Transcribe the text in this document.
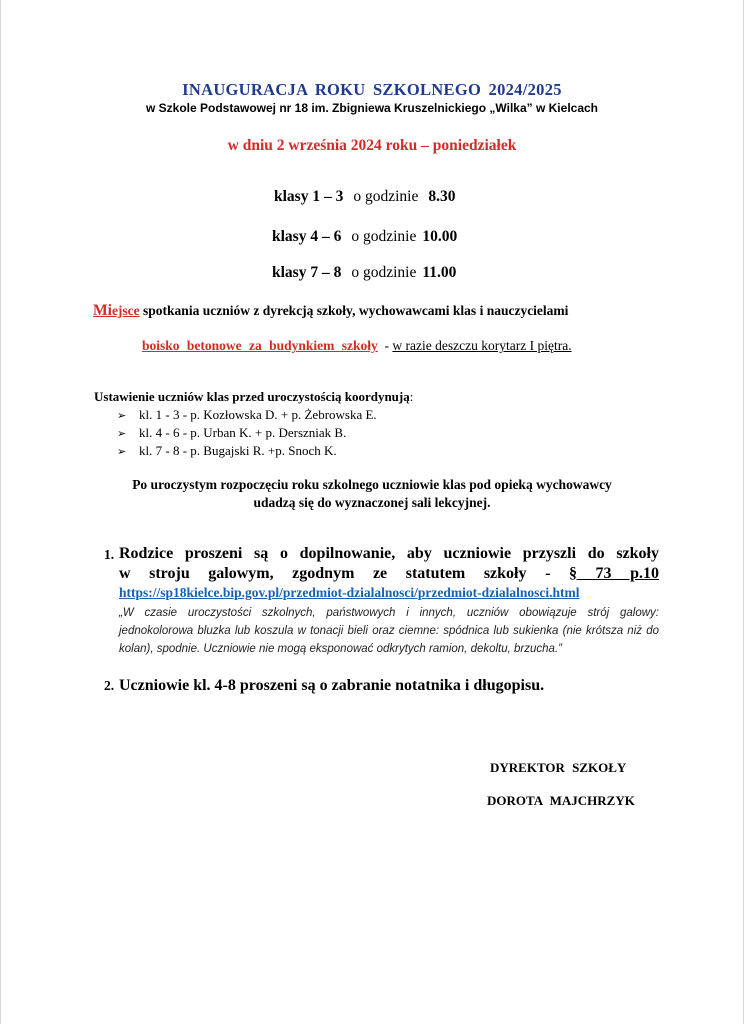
INAUGURACJA ROKU SZKOLNEGO 2024/2025
w Szkole Podstawowej nr 18 im. Zbigniewa Kruszelnickiego „Wilka” w Kielcach
w dniu 2 września 2024 roku – poniedziałek
klasy 1 – 3 o godzinie 8.30
klasy 4 – 6 o godzinie 10.00
klasy 7 – 8 o godzinie 11.00
Miejsce spotkania uczniów z dyrekcją szkoły, wychowawcami klas i nauczycielami
boisko betonowe za budynkiem szkoły  - w razie deszczu korytarz I piętra.
Ustawienie uczniów klas przed uroczystością koordynują:
➢ kl. 1 - 3 - p. Kozłowska D. + p. Żebrowska E.
➢ kl. 4 - 6 - p. Urban K. + p. Derszniak B.
➢ kl. 7 - 8 - p. Bugajski R. +p. Snoch K.
Po uroczystym rozpoczęciu roku szkolnego uczniowie klas pod opieką wychowawcy
udadzą się do wyznaczonej sali lekcyjnej.
1. Rodzice proszeni są o dopilnowanie, aby uczniowie przyszli do szkoły
w stroju galowym, zgodnym ze statutem szkoły - § 73 p.10
https://sp18kielce.bip.gov.pl/przedmiot-dzialalnosci/przedmiot-dzialalnosci.html
„W czasie uroczystości szkolnych, państwowych i innych, uczniów obowiązuje strój galowy: jednokolorowa bluzka lub koszula w tonacji bieli oraz ciemne: spódnica lub sukienka (nie krótsza niż do kolan), spodnie. Uczniowie nie mogą eksponować odkrytych ramion, dekoltu, brzucha.”
2. Uczniowie kl. 4-8 proszeni są o zabranie notatnika i długopisu.
DYREKTOR SZKOŁY
DOROTA MAJCHRZYK
